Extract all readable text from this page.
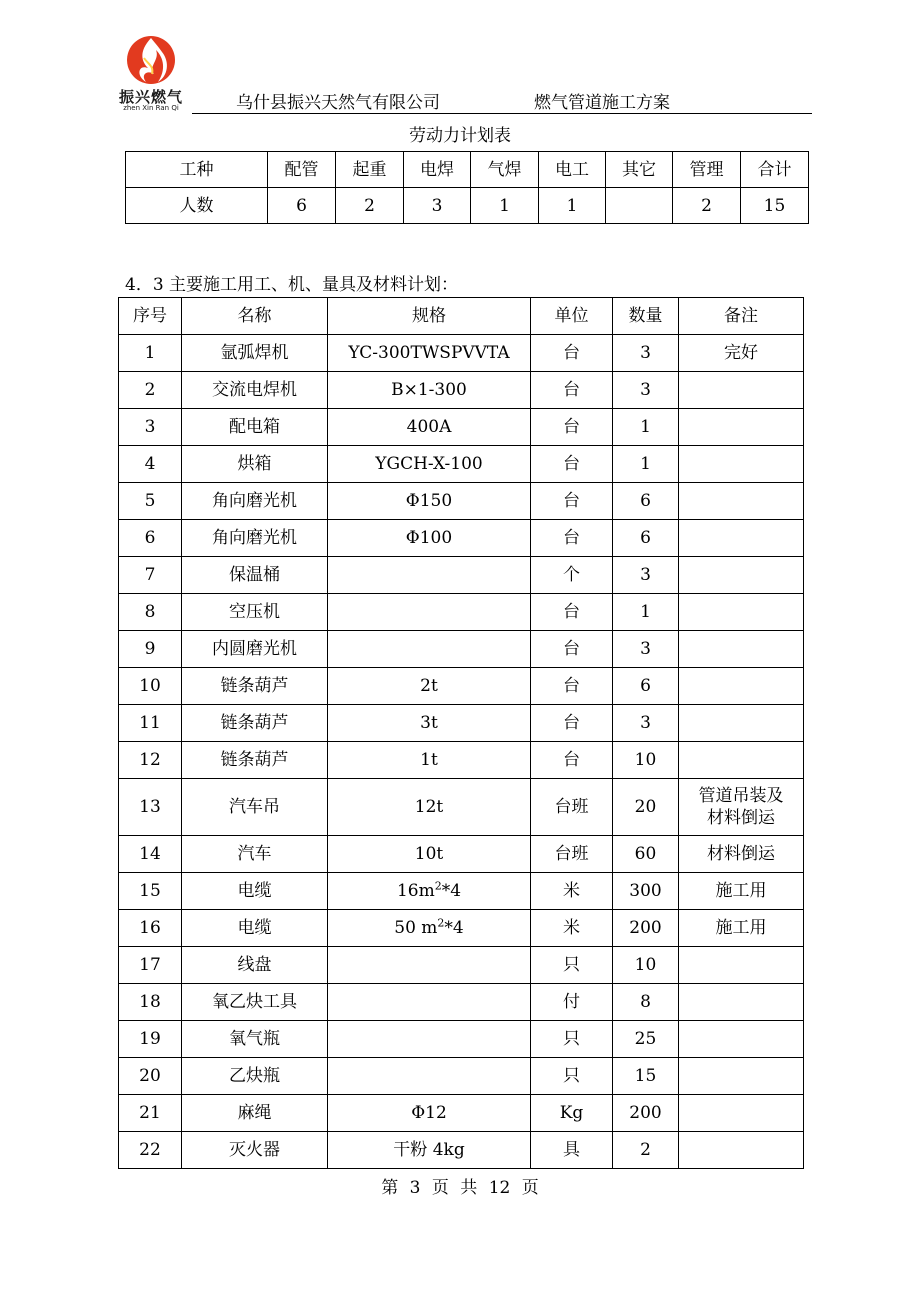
振兴燃气
zhen Xin Ran Qi	乌什县振兴天然气有限公司	燃气管道施工方案
劳动力计划表
工种	配管	起重	电焊	气焊	电工	其它	管理	合计
人数	6	2	3	1	1		2	15
4．3 主要施工用工、机、量具及材料计划：
序号	名称	规格	单位	数量	备注
1	氩弧焊机	YC-300TWSPVVTA	台	3	完好
2	交流电焊机	B×1-300	台	3	
3	配电箱	400A	台	1	
4	烘箱	YGCH-X-100	台	1	
5	角向磨光机	Φ150	台	6	
6	角向磨光机	Φ100	台	6	
7	保温桶		个	3	
8	空压机		台	1	
9	内圆磨光机		台	3	
10	链条葫芦	2t	台	6	
11	链条葫芦	3t	台	3	
12	链条葫芦	1t	台	10	
13	汽车吊	12t	台班	20	管道吊装及
材料倒运
14	汽车	10t	台班	60	材料倒运
15	电缆	$16m^2*4$	米	300	施工用
16	电缆	50 $m^2*4$	米	200	施工用
17	线盘		只	10	
18	氧乙炔工具		付	8	
19	氧气瓶		只	25	
20	乙炔瓶		只	15	
21	麻绳	Φ12	Kg	200	
22	灭火器	干粉 4kg	具	2	
第 3 页 共 12 页
